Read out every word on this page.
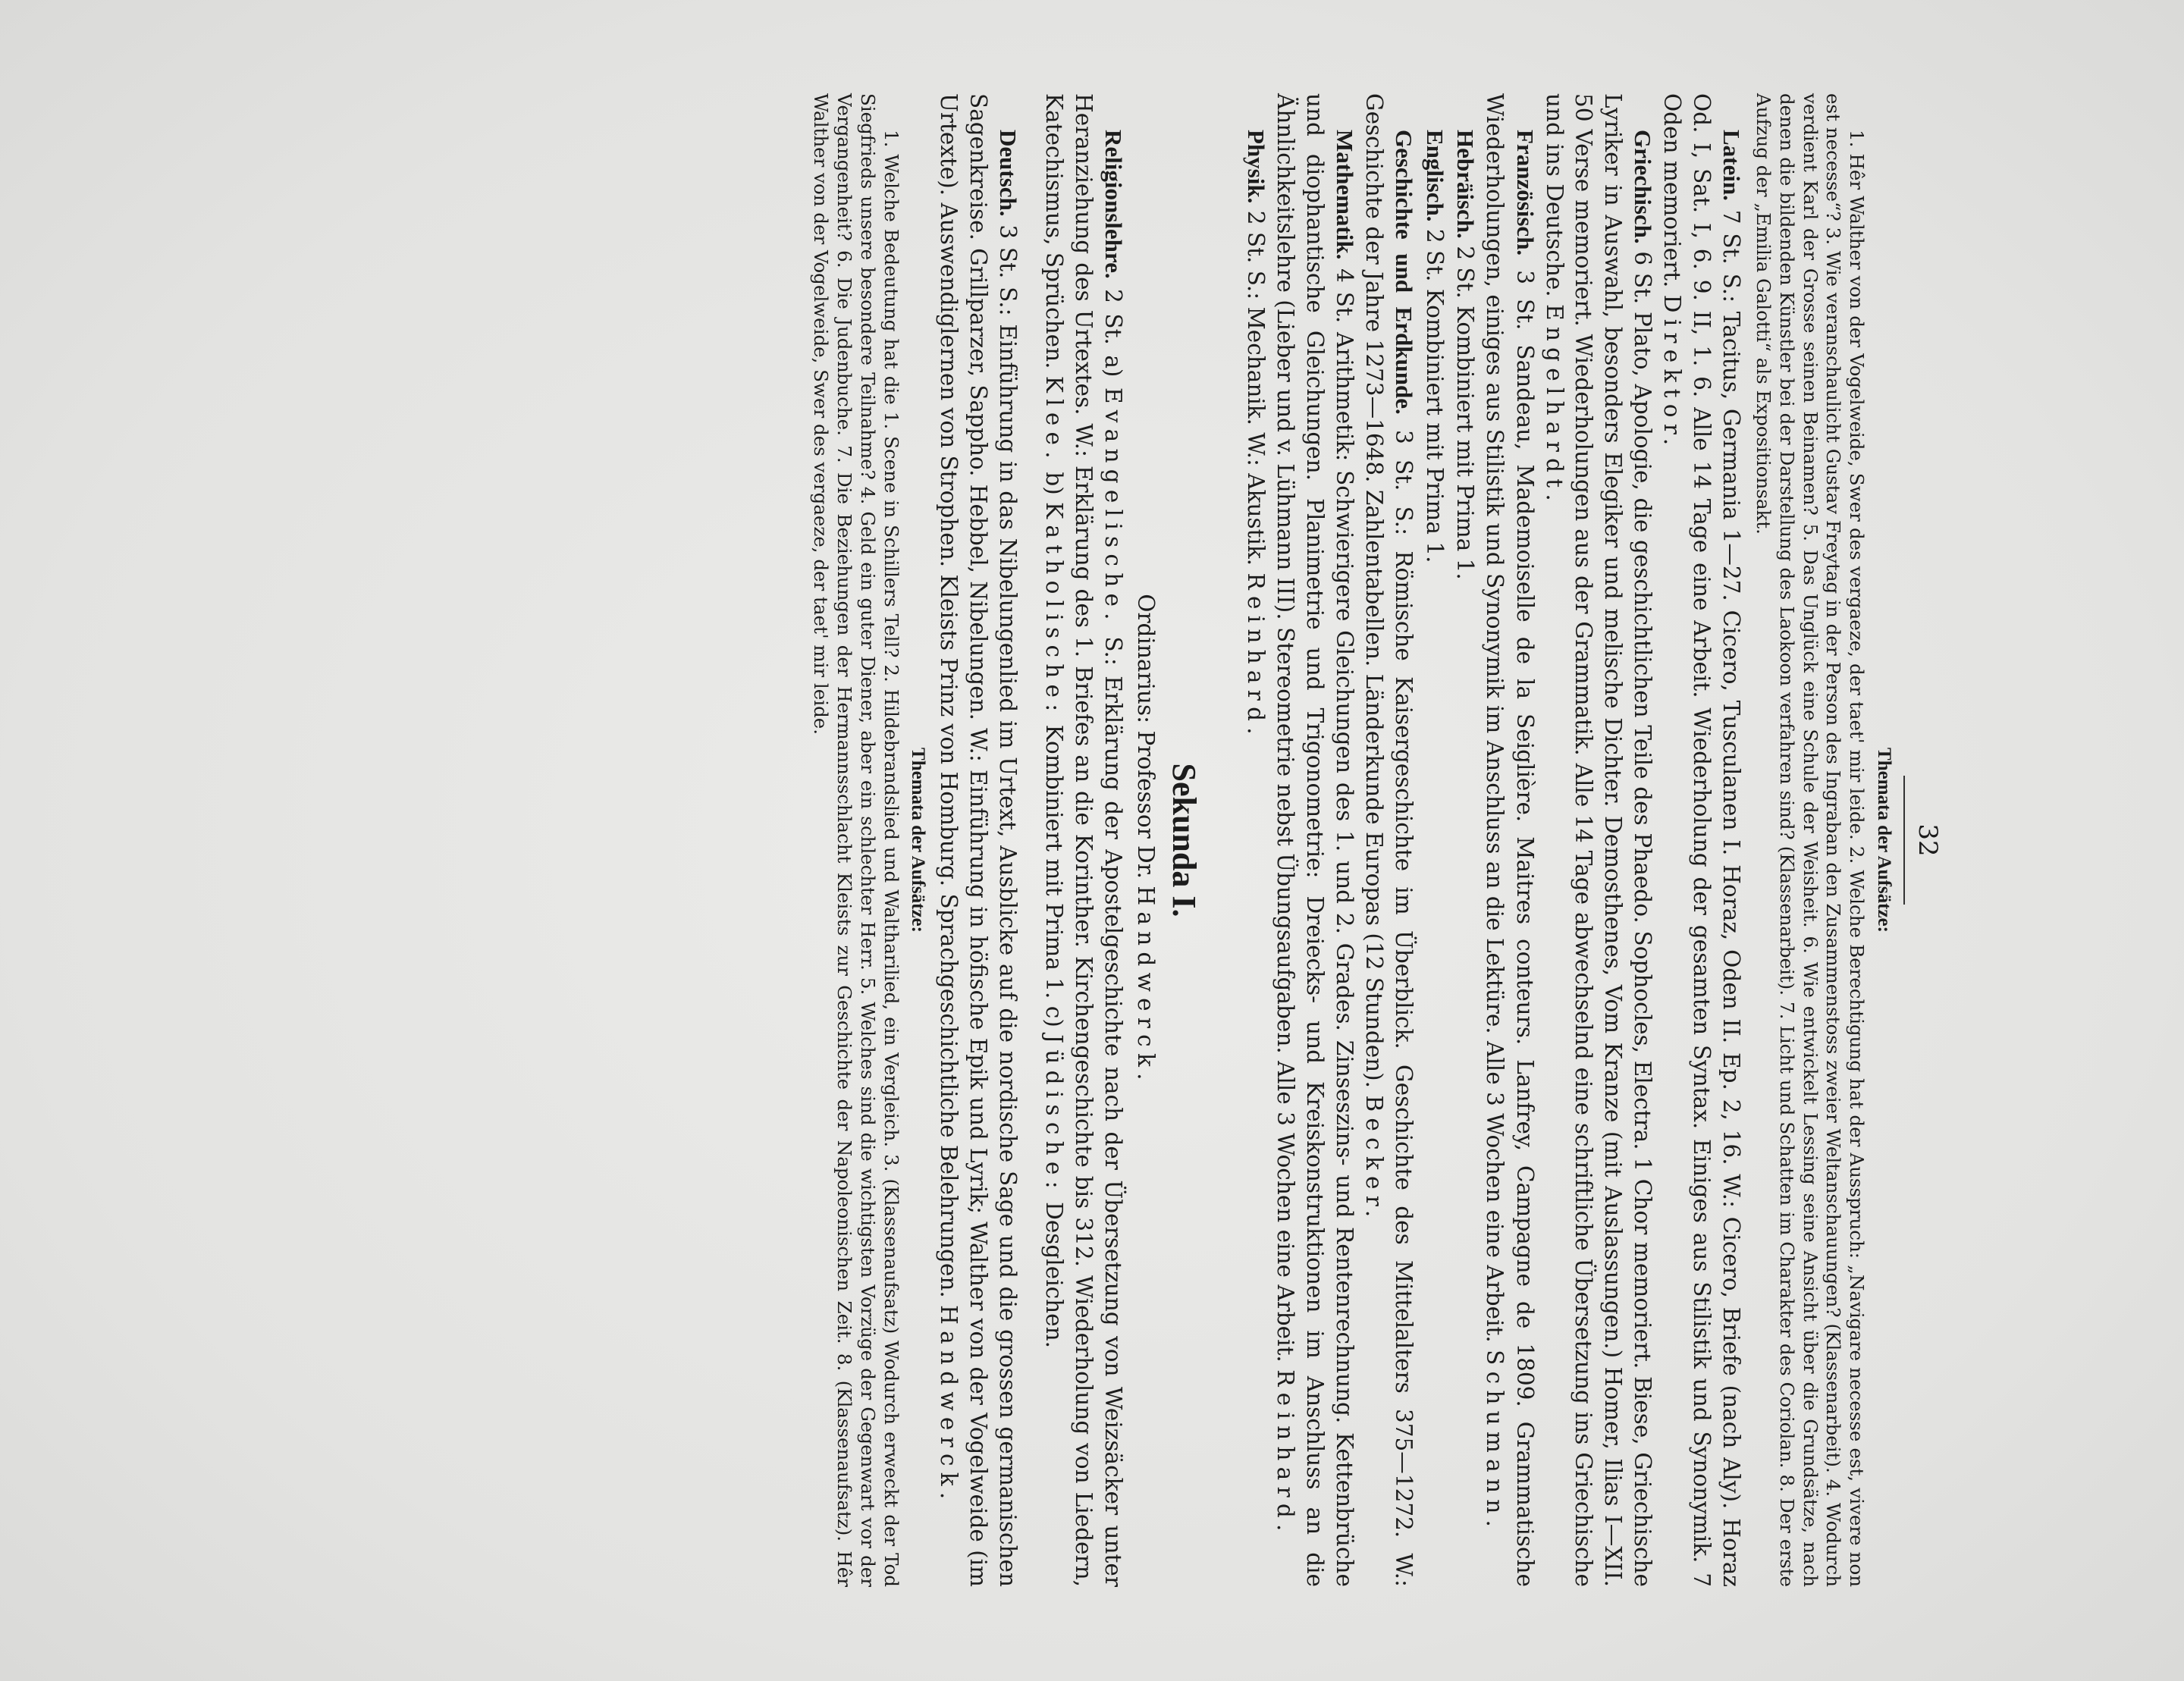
32
Themata der Aufsätze:

1. Hêr Walther von der Vogelweide, Swer des vergaeze, der taet' mir leide. 2. Welche Berechtigung hat der Ausspruch: „Navigare necesse est, vivere non est necesse“? 3. Wie veranschaulicht Gustav Freytag in der Person des Ingraban den Zusammenstoss zweier Weltanschauungen? (Klassenarbeit). 4. Wodurch verdient Karl der Grosse seinen Beinamen? 5. Das Unglück eine Schule der Weisheit. 6. Wie entwickelt Lessing seine Ansicht über die Grundsätze, nach denen die bildenden Künstler bei der Darstellung des Laokoon verfahren sind? (Klassenarbeit). 7. Licht und Schatten im Charakter des Coriolan. 8. Der erste Aufzug der „Emilia Galotti“ als Expositionsakt.

Latein. 7 St. S.: Tacitus, Germania 1—27. Cicero, Tusculanen I. Horaz, Oden II. Ep. 2, 16. W.: Cicero, Briefe (nach Aly). Horaz Od. I, Sat. I, 6. 9. II, 1. 6. Alle 14 Tage eine Arbeit. Wiederholung der gesamten Syntax. Einiges aus Stilistik und Synonymik. 7 Oden memoriert. Direktor.

Griechisch. 6 St. Plato, Apologie, die geschichtlichen Teile des Phaedo. Sophocles, Electra. 1 Chor memoriert. Biese, Griechische Lyriker in Auswahl, besonders Elegiker und melische Dichter. Demosthenes, Vom Kranze (mit Auslassungen.) Homer, Ilias I—XII. 50 Verse memoriert. Wiederholungen aus der Grammatik. Alle 14 Tage abwechselnd eine schriftliche Übersetzung ins Griechische und ins Deutsche. Engelhardt.

Französisch. 3 St. Sandeau, Mademoiselle de la Seiglière. Maitres conteurs. Lanfrey, Campagne de 1809. Grammatische Wiederholungen, einiges aus Stilistik und Synonymik im Anschluss an die Lektüre. Alle 3 Wochen eine Arbeit. Schumann.

Hebräisch. 2 St. Kombiniert mit Prima 1.

Englisch. 2 St. Kombiniert mit Prima 1.

Geschichte und Erdkunde. 3 St. S.: Römische Kaisergeschichte im Überblick. Geschichte des Mittelalters 375—1272. W.: Geschichte der Jahre 1273—1648. Zahlentabellen. Länderkunde Europas (12 Stunden). Becker.

Mathematik. 4 St. Arithmetik: Schwierigere Gleichungen des 1. und 2. Grades. Zinseszins- und Rentenrechnung. Kettenbrüche und diophantische Gleichungen. Planimetrie und Trigonometrie: Dreiecks- und Kreiskonstruktionen im Anschluss an die Ähnlichkeitslehre (Lieber und v. Lühmann III). Stereometrie nebst Übungsaufgaben. Alle 3 Wochen eine Arbeit. Reinhard.

Physik. 2 St. S.: Mechanik. W.: Akustik. Reinhard.

Sekunda I.
Ordinarius: Professor Dr. Handwerck.

Religionslehre. 2 St. a) Evangelische. S.: Erklärung der Apostelgeschichte nach der Übersetzung von Weizsäcker unter Heranziehung des Urtextes. W.: Erklärung des 1. Briefes an die Korinther. Kirchengeschichte bis 312. Wiederholung von Liedern, Katechismus, Sprüchen. Klee. b) Katholische: Kombiniert mit Prima 1. c) Jüdische: Desgleichen.

Deutsch. 3 St. S.: Einführung in das Nibelungenlied im Urtext, Ausblicke auf die nordische Sage und die grossen germanischen Sagenkreise. Grillparzer, Sappho. Hebbel, Nibelungen. W.: Einführung in höfische Epik und Lyrik; Walther von der Vogelweide (im Urtexte). Auswendiglernen von Strophen. Kleists Prinz von Homburg. Sprachgeschichtliche Belehrungen. Handwerck.

Themata der Aufsätze:

1. Welche Bedeutung hat die 1. Scene in Schillers Tell? 2. Hildebrandslied und Waltharilied, ein Vergleich. 3. (Klassenaufsatz) Wodurch erweckt der Tod Siegfrieds unsere besondere Teilnahme? 4. Geld ein guter Diener, aber ein schlechter Herr. 5. Welches sind die wichtigsten Vorzüge der Gegenwart vor der Vergangenheit? 6. Die Judenbuche. 7. Die Beziehungen der Hermannsschlacht Kleists zur Geschichte der Napoleonischen Zeit. 8. (Klassenaufsatz). Hêr Walther von der Vogelweide, Swer des vergaeze, der taet' mir leide.
